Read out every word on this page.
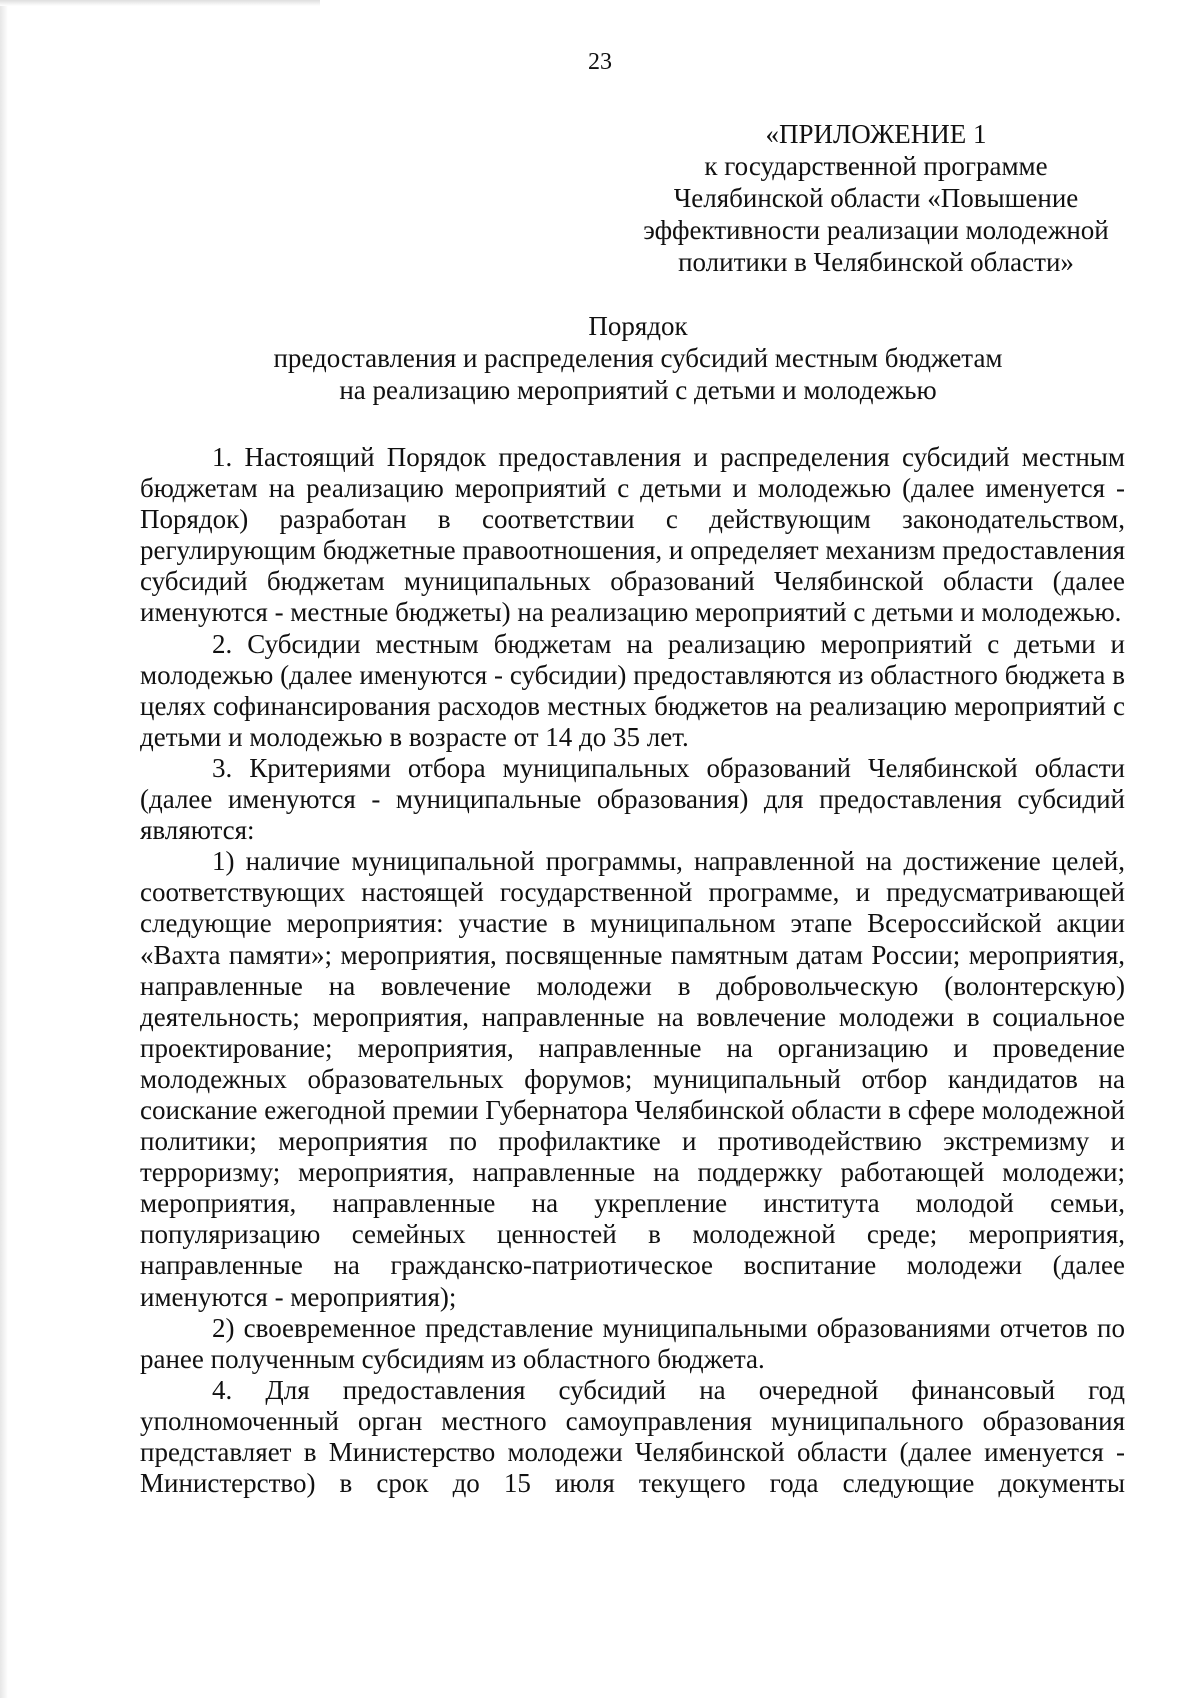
23
«ПРИЛОЖЕНИЕ 1
к государственной программе
Челябинской области «Повышение
эффективности реализации молодежной
политики в Челябинской области»
Порядок
предоставления и распределения субсидий местным бюджетам
на реализацию мероприятий с детьми и молодежью

1. Настоящий Порядок предоставления и распределения субсидий местным бюджетам на реализацию мероприятий с детьми и молодежью (далее именуется - Порядок) разработан в соответствии с действующим законодательством, регулирующим бюджетные правоотношения, и определяет механизм предоставления субсидий бюджетам муниципальных образований Челябинской области (далее именуются - местные бюджеты) на реализацию мероприятий с детьми и молодежью.

2. Субсидии местным бюджетам на реализацию мероприятий с детьми и молодежью (далее именуются - субсидии) предоставляются из областного бюджета в целях софинансирования расходов местных бюджетов на реализацию мероприятий с детьми и молодежью в возрасте от 14 до 35 лет.

3. Критериями отбора муниципальных образований Челябинской области (далее именуются - муниципальные образования) для предоставления субсидий являются:

1) наличие муниципальной программы, направленной на достижение целей, соответствующих настоящей государственной программе, и предусматривающей следующие мероприятия: участие в муниципальном этапе Всероссийской акции «Вахта памяти»; мероприятия, посвященные памятным датам России; мероприятия, направленные на вовлечение молодежи в добровольческую (волонтерскую) деятельность; мероприятия, направленные на вовлечение молодежи в социальное проектирование; мероприятия, направленные на организацию и проведение молодежных образовательных форумов; муниципальный отбор кандидатов на соискание ежегодной премии Губернатора Челябинской области в сфере молодежной политики; мероприятия по профилактике и противодействию экстремизму и терроризму; мероприятия, направленные на поддержку работающей молодежи; мероприятия, направленные на укрепление института молодой семьи, популяризацию семейных ценностей в молодежной среде; мероприятия, направленные на гражданско-патриотическое воспитание молодежи (далее именуются - мероприятия);

2) своевременное представление муниципальными образованиями отчетов по ранее полученным субсидиям из областного бюджета.

4. Для предоставления субсидий на очередной финансовый год уполномоченный орган местного самоуправления муниципального образования представляет в Министерство молодежи Челябинской области (далее именуется - Министерство) в срок до 15 июля текущего года следующие документы
